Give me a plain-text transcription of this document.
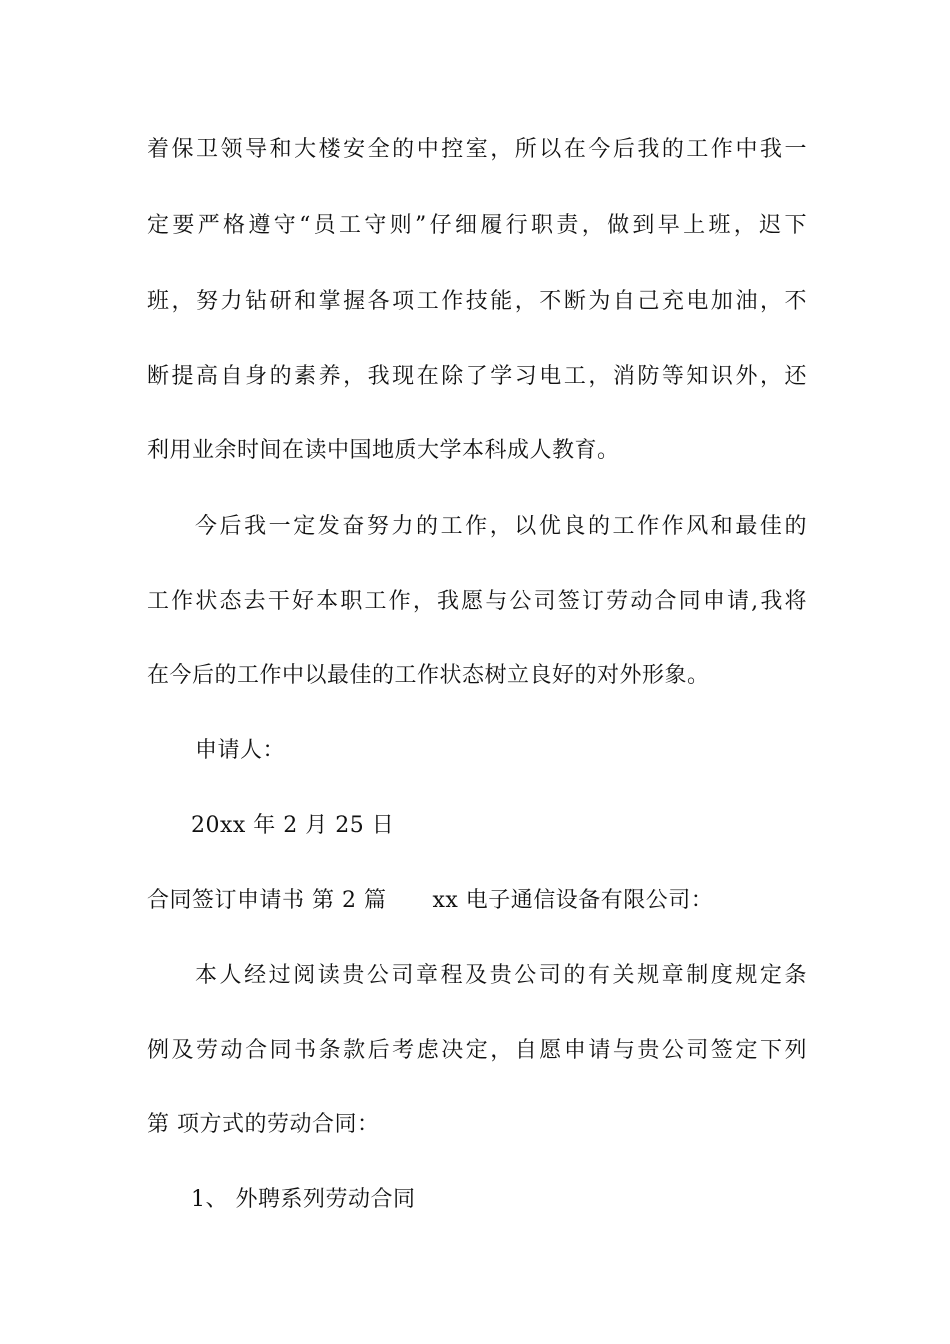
着保卫领导和大楼安全的中控室，所以在今后我的工作中我一
定要严格遵守“员工守则”仔细履行职责，做到早上班，迟下
班，努力钻研和掌握各项工作技能，不断为自己充电加油，不
断提高自身的素养，我现在除了学习电工，消防等知识外，还
利用业余时间在读中国地质大学本科成人教育。
今后我一定发奋努力的工作，以优良的工作作风和最佳的
工作状态去干好本职工作，我愿与公司签订劳动合同申请,我将
在今后的工作中以最佳的工作状态树立良好的对外形象。
申请人：
20xx 年 2 月 25 日
合同签订申请书 第 2 篇 xx 电子通信设备有限公司：
本人经过阅读贵公司章程及贵公司的有关规章制度规定条
例及劳动合同书条款后考虑决定，自愿申请与贵公司签定下列
第 项方式的劳动合同：
1、 外聘系列劳动合同
